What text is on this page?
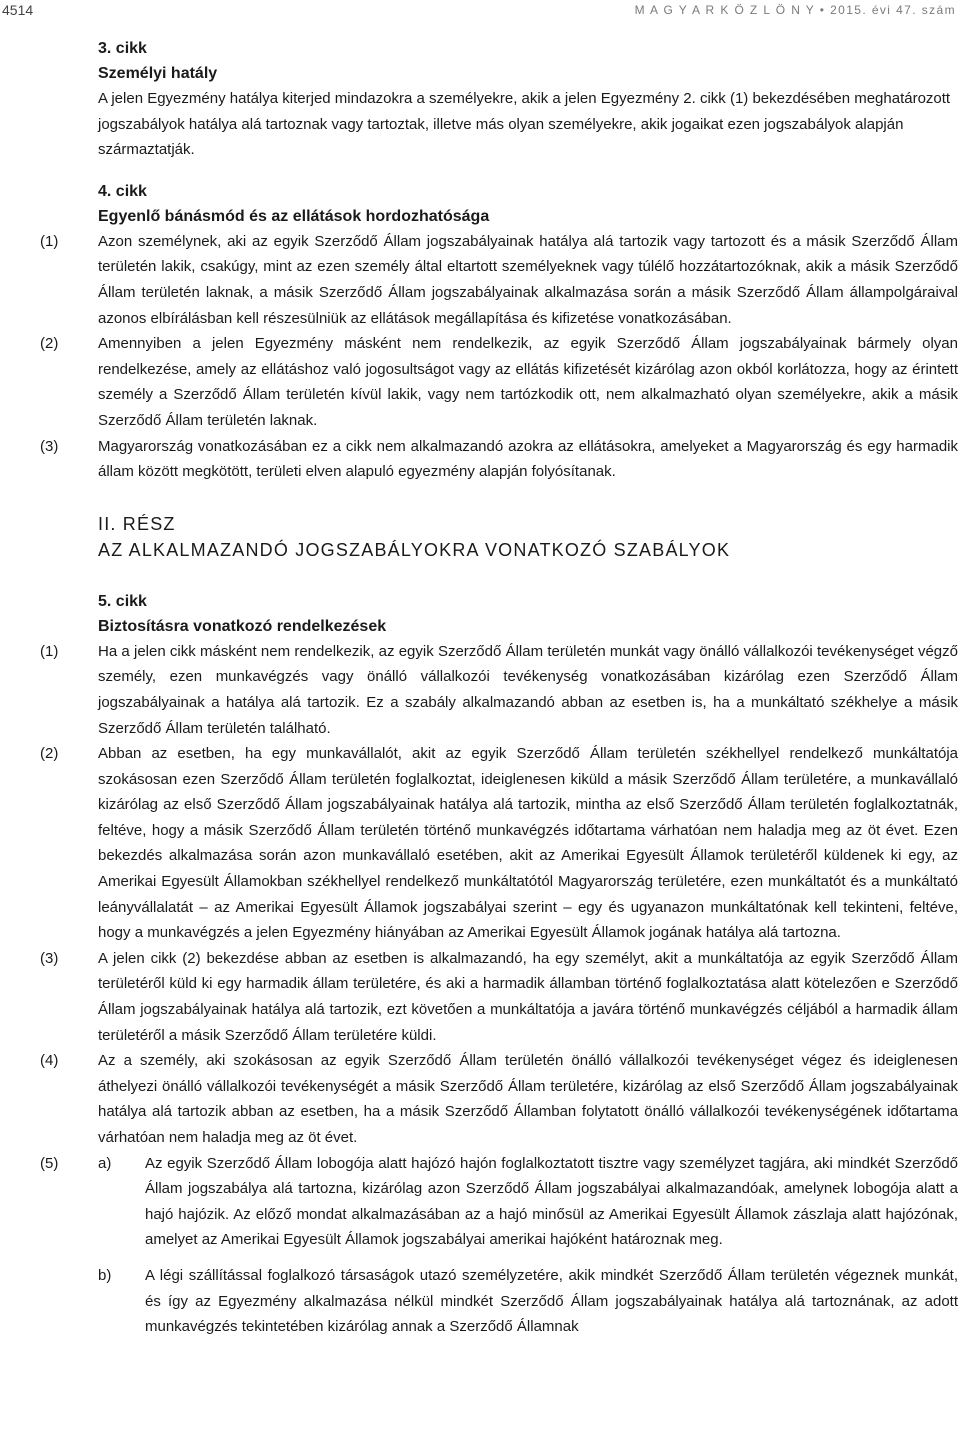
4514	M A G Y A R K Ö Z L Ö N Y • 2015. évi 47. szám
3. cikk
Személyi hatály
A jelen Egyezmény hatálya kiterjed mindazokra a személyekre, akik a jelen Egyezmény 2. cikk (1) bekezdésében meghatározott jogszabályok hatálya alá tartoznak vagy tartoztak, illetve más olyan személyekre, akik jogaikat ezen jogszabályok alapján származtatják.
4. cikk
Egyenlő bánásmód és az ellátások hordozhatósága
(1)	Azon személynek, aki az egyik Szerződő Állam jogszabályainak hatálya alá tartozik vagy tartozott és a másik Szerződő Állam területén lakik, csakúgy, mint az ezen személy által eltartott személyeknek vagy túlélő hozzátartozóknak, akik a másik Szerződő Állam területén laknak, a másik Szerződő Állam jogszabályainak alkalmazása során a másik Szerződő Állam állampolgáraival azonos elbírálásban kell részesülniük az ellátások megállapítása és kifizetése vonatkozásában.
(2)	Amennyiben a jelen Egyezmény másként nem rendelkezik, az egyik Szerződő Állam jogszabályainak bármely olyan rendelkezése, amely az ellátáshoz való jogosultságot vagy az ellátás kifizetését kizárólag azon okból korlátozza, hogy az érintett személy a Szerződő Állam területén kívül lakik, vagy nem tartózkodik ott, nem alkalmazható olyan személyekre, akik a másik Szerződő Állam területén laknak.
(3)	Magyarország vonatkozásában ez a cikk nem alkalmazandó azokra az ellátásokra, amelyeket a Magyarország és egy harmadik állam között megkötött, területi elven alapuló egyezmény alapján folyósítanak.
II. RÉSZ
AZ ALKALMAZANDÓ JOGSZABÁLYOKRA VONATKOZÓ SZABÁLYOK
5. cikk
Biztosításra vonatkozó rendelkezések
(1)	Ha a jelen cikk másként nem rendelkezik, az egyik Szerződő Állam területén munkát vagy önálló vállalkozói tevékenységet végző személy, ezen munkavégzés vagy önálló vállalkozói tevékenység vonatkozásában kizárólag ezen Szerződő Állam jogszabályainak a hatálya alá tartozik. Ez a szabály alkalmazandó abban az esetben is, ha a munkáltató székhelye a másik Szerződő Állam területén található.
(2)	Abban az esetben, ha egy munkavállalót, akit az egyik Szerződő Állam területén székhellyel rendelkező munkáltatója szokásosan ezen Szerződő Állam területén foglalkoztat, ideiglenesen kiküld a másik Szerződő Állam területére, a munkavállaló kizárólag az első Szerződő Állam jogszabályainak hatálya alá tartozik, mintha az első Szerződő Állam területén foglalkoztatnák, feltéve, hogy a másik Szerződő Állam területén történő munkavégzés időtartama várhatóan nem haladja meg az öt évet. Ezen bekezdés alkalmazása során azon munkavállaló esetében, akit az Amerikai Egyesült Államok területéről küldenek ki egy, az Amerikai Egyesült Államokban székhellyel rendelkező munkáltatótól Magyarország területére, ezen munkáltatót és a munkáltató leányvállalatát – az Amerikai Egyesült Államok jogszabályai szerint – egy és ugyanazon munkáltatónak kell tekinteni, feltéve, hogy a munkavégzés a jelen Egyezmény hiányában az Amerikai Egyesült Államok jogának hatálya alá tartozna.
(3)	A jelen cikk (2) bekezdése abban az esetben is alkalmazandó, ha egy személyt, akit a munkáltatója az egyik Szerződő Állam területéről küld ki egy harmadik állam területére, és aki a harmadik államban történő foglalkoztatása alatt kötelezően e Szerződő Állam jogszabályainak hatálya alá tartozik, ezt követően a munkáltatója a javára történő munkavégzés céljából a harmadik állam területéről a másik Szerződő Állam területére küldi.
(4)	Az a személy, aki szokásosan az egyik Szerződő Állam területén önálló vállalkozói tevékenységet végez és ideiglenesen áthelyezi önálló vállalkozói tevékenységét a másik Szerződő Állam területére, kizárólag az első Szerződő Állam jogszabályainak hatálya alá tartozik abban az esetben, ha a másik Szerződő Államban folytatott önálló vállalkozói tevékenységének időtartama várhatóan nem haladja meg az öt évet.
(5)	a) Az egyik Szerződő Állam lobogója alatt hajózó hajón foglalkoztatott tisztre vagy személyzet tagjára, aki mindkét Szerződő Állam jogszabálya alá tartozna, kizárólag azon Szerződő Állam jogszabályai alkalmazandóak, amelynek lobogója alatt a hajó hajózik. Az előző mondat alkalmazásában az a hajó minősül az Amerikai Egyesült Államok zászlaja alatt hajózónak, amelyet az Amerikai Egyesült Államok jogszabályai amerikai hajóként határoznak meg.
b) A légi szállítással foglalkozó társaságok utazó személyzetére, akik mindkét Szerződő Állam területén végeznek munkát, és így az Egyezmény alkalmazása nélkül mindkét Szerződő Állam jogszabályainak hatálya alá tartoznának, az adott munkavégzés tekintetében kizárólag annak a Szerződő Államnak
